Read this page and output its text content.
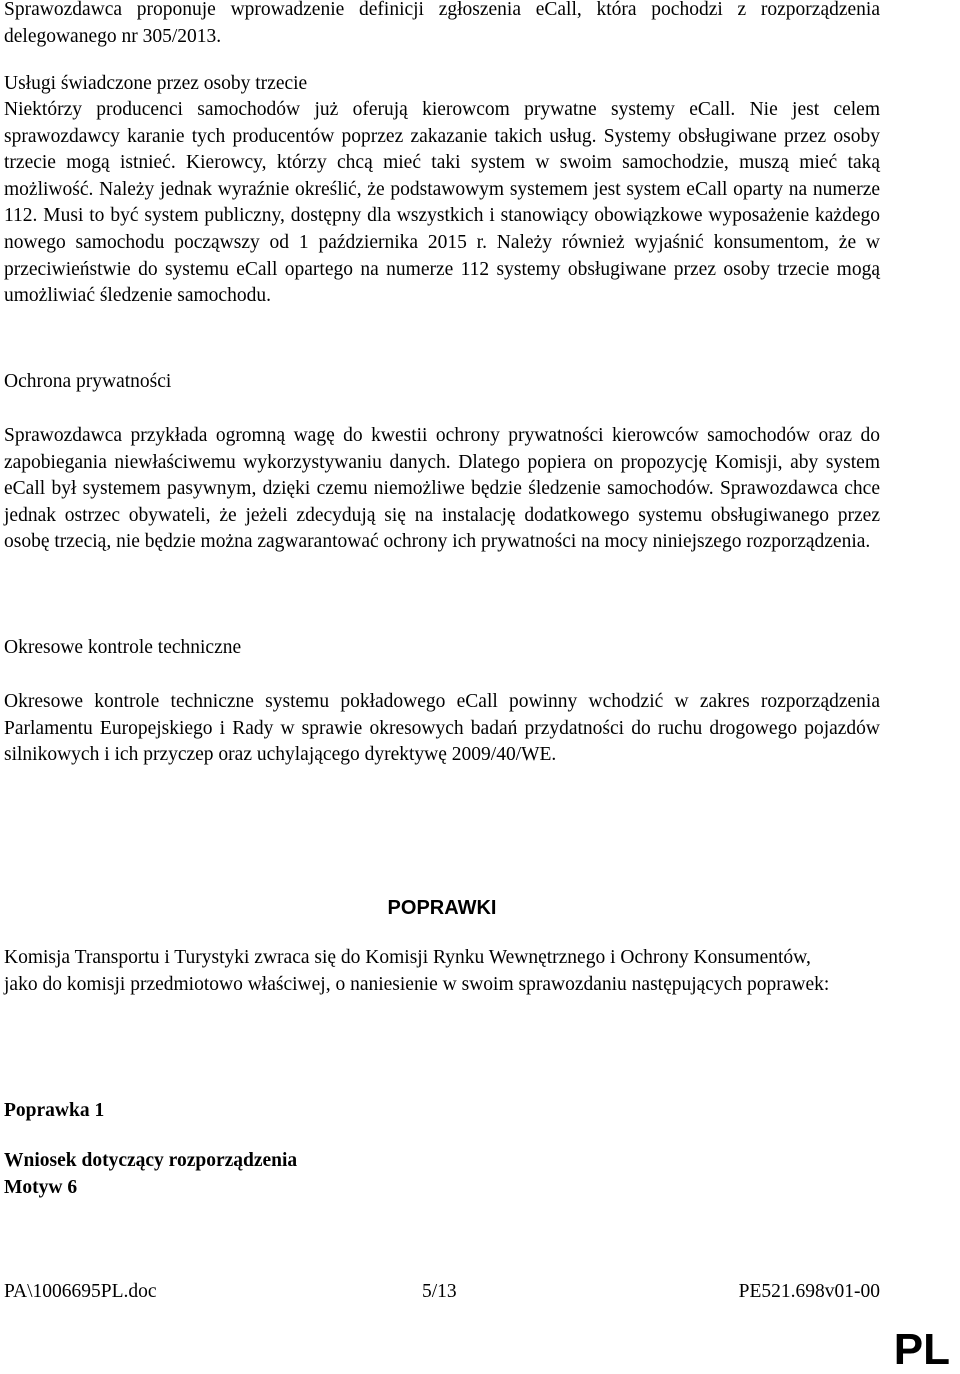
Sprawozdawca proponuje wprowadzenie definicji zgłoszenia eCall, która pochodzi z rozporządzenia delegowanego nr 305/2013.

Usługi świadczone przez osoby trzecie

Niektórzy producenci samochodów już oferują kierowcom prywatne systemy eCall. Nie jest celem sprawozdawcy karanie tych producentów poprzez zakazanie takich usług. Systemy obsługiwane przez osoby trzecie mogą istnieć. Kierowcy, którzy chcą mieć taki system w swoim samochodzie, muszą mieć taką możliwość. Należy jednak wyraźnie określić, że podstawowym systemem jest system eCall oparty na numerze 112. Musi to być system publiczny, dostępny dla wszystkich i stanowiący obowiązkowe wyposażenie każdego nowego samochodu począwszy od 1 października 2015 r. Należy również wyjaśnić konsumentom, że w przeciwieństwie do systemu eCall opartego na numerze 112 systemy obsługiwane przez osoby trzecie mogą umożliwiać śledzenie samochodu.

Ochrona prywatności

Sprawozdawca przykłada ogromną wagę do kwestii ochrony prywatności kierowców samochodów oraz do zapobiegania niewłaściwemu wykorzystywaniu danych. Dlatego popiera on propozycję Komisji, aby system eCall był systemem pasywnym, dzięki czemu niemożliwe będzie śledzenie samochodów. Sprawozdawca chce jednak ostrzec obywateli, że jeżeli zdecydują się na instalację dodatkowego systemu obsługiwanego przez osobę trzecią, nie będzie można zagwarantować ochrony ich prywatności na mocy niniejszego rozporządzenia.

Okresowe kontrole techniczne

Okresowe kontrole techniczne systemu pokładowego eCall powinny wchodzić w zakres rozporządzenia Parlamentu Europejskiego i Rady w sprawie okresowych badań przydatności do ruchu drogowego pojazdów silnikowych i ich przyczep oraz uchylającego dyrektywę 2009/40/WE.

POPRAWKI

Komisja Transportu i Turystyki zwraca się do Komisji Rynku Wewnętrznego i Ochrony Konsumentów, jako do komisji przedmiotowo właściwej, o naniesienie w swoim sprawozdaniu następujących poprawek:

Poprawka 1
Wniosek dotyczący rozporządzenia
Motyw 6
PA\1006695PL.doc	5/13	PE521.698v01-00
PL
